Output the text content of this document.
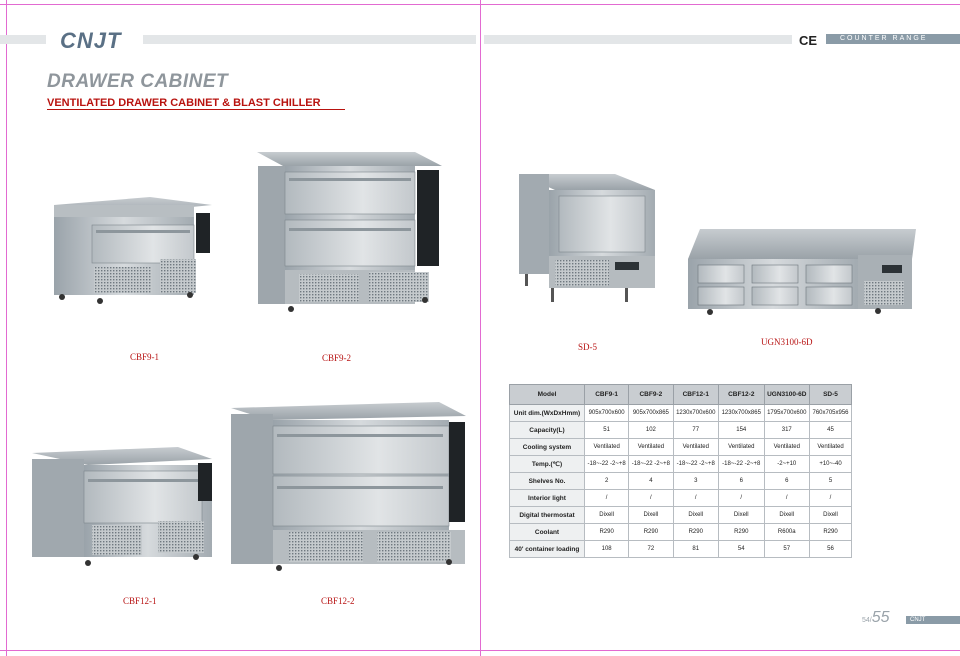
CNJT	CE	COUNTER RANGE
DRAWER CABINET
VENTILATED DRAWER CABINET & BLAST CHILLER
CBF9-1	CBF9-2
SD-5	UGN3100-6D
CBF12-1	CBF12-2
Model	CBF9-1	CBF9-2	CBF12-1	CBF12-2	UGN3100-6D	SD-5
Unit dim.(WxDxHmm)	905x700x600	905x700x865	1230x700x600	1230x700x865	1795x700x600	760x705x956
Capacity(L)	51	102	77	154	317	45
Cooling system	Ventilated	Ventilated	Ventilated	Ventilated	Ventilated	Ventilated
Temp.(℃)	-18~-22 -2~+8	-18~-22 -2~+8	-18~-22 -2~+8	-18~-22 -2~+8	-2~+10	+10~-40
Shelves No.	2	4	3	6	6	5
Interior light	/	/	/	/	/	/
Digital thermostat	Dixell	Dixell	Dixell	Dixell	Dixell	Dixell
Coolant	R290	R290	R290	R290	R600a	R290
40' container loading	108	72	81	54	57	56
54/55	CNJT
